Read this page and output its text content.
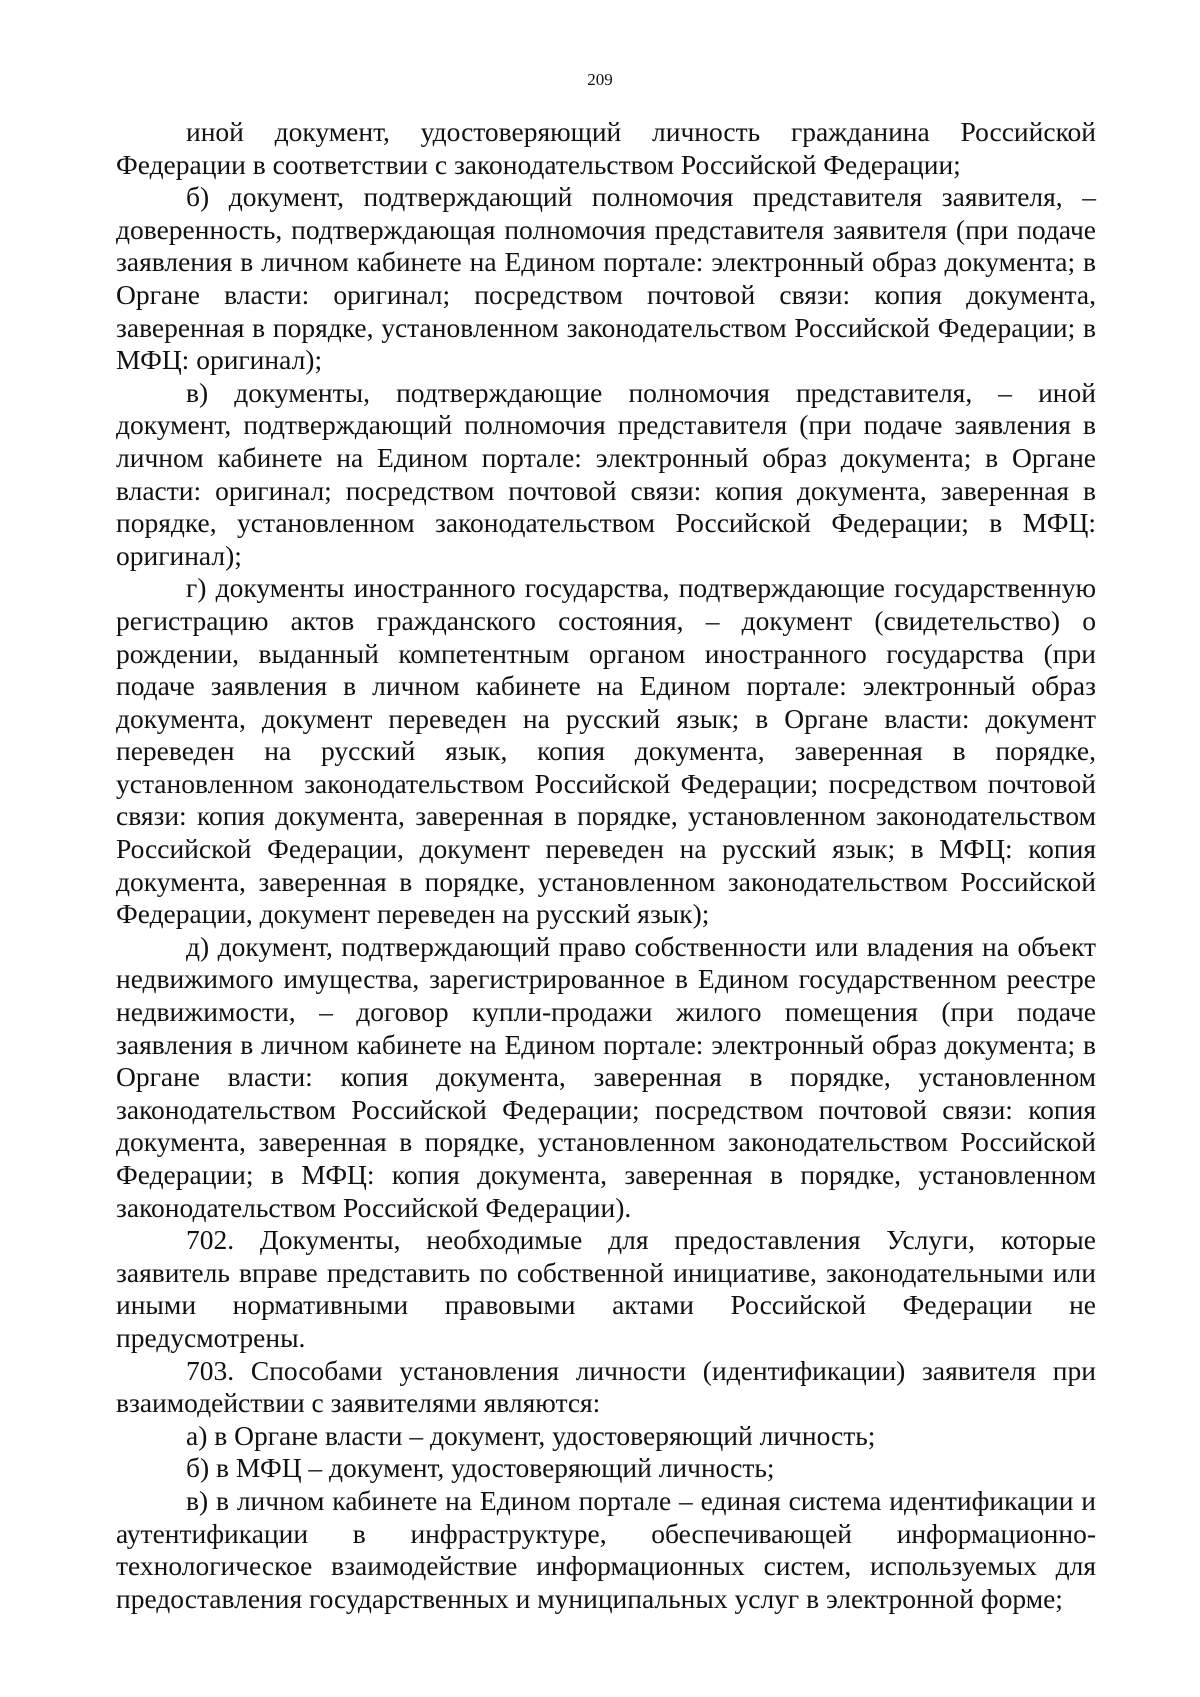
209

иной документ, удостоверяющий личность гражданина Российской Федерации в соответствии с законодательством Российской Федерации;

б) документ, подтверждающий полномочия представителя заявителя, – доверенность, подтверждающая полномочия представителя заявителя (при подаче заявления в личном кабинете на Едином портале: электронный образ документа; в Органе власти: оригинал; посредством почтовой связи: копия документа, заверенная в порядке, установленном законодательством Российской Федерации; в МФЦ: оригинал);

в) документы, подтверждающие полномочия представителя, – иной документ, подтверждающий полномочия представителя (при подаче заявления в личном кабинете на Едином портале: электронный образ документа; в Органе власти: оригинал; посредством почтовой связи: копия документа, заверенная в порядке, установленном законодательством Российской Федерации; в МФЦ: оригинал);

г) документы иностранного государства, подтверждающие государственную регистрацию актов гражданского состояния, – документ (свидетельство) о рождении, выданный компетентным органом иностранного государства (при подаче заявления в личном кабинете на Едином портале: электронный образ документа, документ переведен на русский язык; в Органе власти: документ переведен на русский язык, копия документа, заверенная в порядке, установленном законодательством Российской Федерации; посредством почтовой связи: копия документа, заверенная в порядке, установленном законодательством Российской Федерации, документ переведен на русский язык; в МФЦ: копия документа, заверенная в порядке, установленном законодательством Российской Федерации, документ переведен на русский язык);

д) документ, подтверждающий право собственности или владения на объект недвижимого имущества, зарегистрированное в Едином государственном реестре недвижимости, – договор купли-продажи жилого помещения (при подаче заявления в личном кабинете на Едином портале: электронный образ документа; в Органе власти: копия документа, заверенная в порядке, установленном законодательством Российской Федерации; посредством почтовой связи: копия документа, заверенная в порядке, установленном законодательством Российской Федерации; в МФЦ: копия документа, заверенная в порядке, установленном законодательством Российской Федерации).

702. Документы, необходимые для предоставления Услуги, которые заявитель вправе представить по собственной инициативе, законодательными или иными нормативными правовыми актами Российской Федерации не предусмотрены.

703. Способами установления личности (идентификации) заявителя при взаимодействии с заявителями являются:

а) в Органе власти – документ, удостоверяющий личность;

б) в МФЦ – документ, удостоверяющий личность;

в) в личном кабинете на Едином портале – единая система идентификации и аутентификации в инфраструктуре, обеспечивающей информационно-технологическое взаимодействие информационных систем, используемых для предоставления государственных и муниципальных услуг в электронной форме;
